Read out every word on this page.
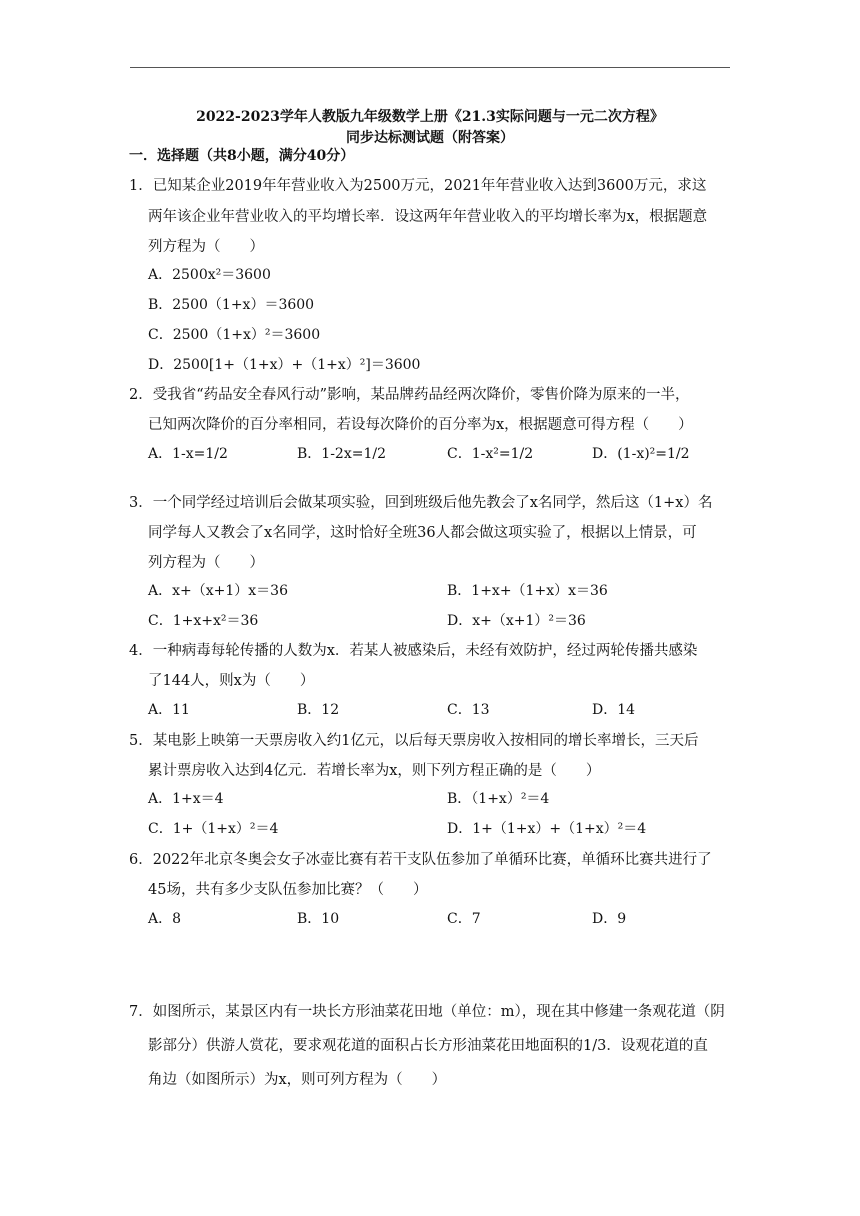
2022-2023学年人教版九年级数学上册《21.3实际问题与一元二次方程》
同步达标测试题（附答案）
一．选择题（共8小题，满分40分）
1．已知某企业2019年年营业收入为2500万元，2021年年营业收入达到3600万元，求这
两年该企业年营业收入的平均增长率．设这两年年营业收入的平均增长率为x，根据题意
列方程为（　　）
A．2500x²＝3600
B．2500（1+x）＝3600
C．2500（1+x）²＝3600
D．2500[1+（1+x）+（1+x）²]＝3600
2．受我省“药品安全春风行动”影响，某品牌药品经两次降价，零售价降为原来的一半，
已知两次降价的百分率相同，若设每次降价的百分率为x，根据题意可得方程（　　）
A．1-x=1/2	B．1-2x=1/2	C．1-x²=1/2	D．(1-x)²=1/2
3．一个同学经过培训后会做某项实验，回到班级后他先教会了x名同学，然后这（1+x）名
同学每人又教会了x名同学，这时恰好全班36人都会做这项实验了，根据以上情景，可
列方程为（　　）
A．x+（x+1）x＝36	B．1+x+（1+x）x＝36
C．1+x+x²＝36	D．x+（x+1）²＝36
4．一种病毒每轮传播的人数为x．若某人被感染后，未经有效防护，经过两轮传播共感染
了144人，则x为（　　）
A．11	B．12	C．13	D．14
5．某电影上映第一天票房收入约1亿元，以后每天票房收入按相同的增长率增长，三天后
累计票房收入达到4亿元．若增长率为x，则下列方程正确的是（　　）
A．1+x＝4	B．（1+x）²＝4
C．1+（1+x）²＝4	D．1+（1+x）+（1+x）²＝4
6．2022年北京冬奥会女子冰壶比赛有若干支队伍参加了单循环比赛，单循环比赛共进行了
45场，共有多少支队伍参加比赛？（　　）
A．8	B．10	C．7	D．9
7．如图所示，某景区内有一块长方形油菜花田地（单位：m），现在其中修建一条观花道（阴
影部分）供游人赏花，要求观花道的面积占长方形油菜花田地面积的1/3．设观花道的直
角边（如图所示）为x，则可列方程为（　　）
